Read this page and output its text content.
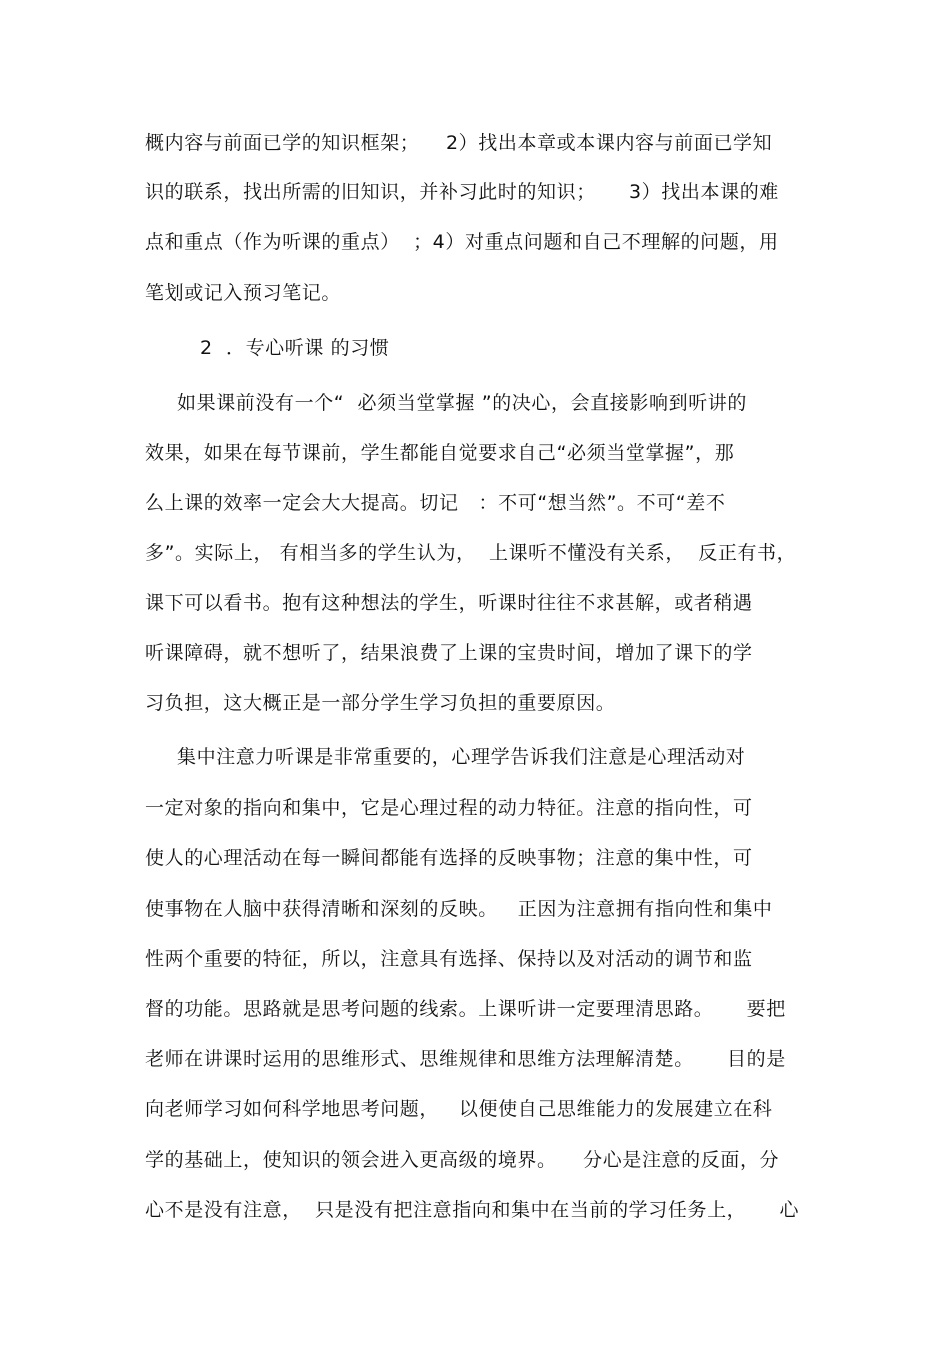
概内容与前面已学的知识框架；    2）找出本章或本课内容与前面已学知
识的联系，找出所需的旧知识，并补习此时的知识；     3）找出本课的难
点和重点（作为听课的重点）  ；4）对重点问题和自己不理解的问题，用
笔划或记入预习笔记。
2  ．专心听课 的习惯
如果课前没有一个“  必须当堂掌握 ”的决心，会直接影响到听讲的
效果，如果在每节课前，学生都能自觉要求自己“必须当堂掌握”，那
么上课的效率一定会大大提高。切记   ：不可“想当然”。不可“差不
多”。实际上， 有相当多的学生认为，  上课听不懂没有关系，  反正有书，
课下可以看书。抱有这种想法的学生，听课时往往不求甚解，或者稍遇
听课障碍，就不想听了，结果浪费了上课的宝贵时间，增加了课下的学
习负担，这大概正是一部分学生学习负担的重要原因。
集中注意力听课是非常重要的，心理学告诉我们注意是心理活动对
一定对象的指向和集中，它是心理过程的动力特征。注意的指向性，可
使人的心理活动在每一瞬间都能有选择的反映事物；注意的集中性，可
使事物在人脑中获得清晰和深刻的反映。   正因为注意拥有指向性和集中
性两个重要的特征，所以，注意具有选择、保持以及对活动的调节和监
督的功能。思路就是思考问题的线索。上课听讲一定要理清思路。     要把
老师在讲课时运用的思维形式、思维规律和思维方法理解清楚。     目的是
向老师学习如何科学地思考问题，   以便使自己思维能力的发展建立在科
学的基础上，使知识的领会进入更高级的境界。    分心是注意的反面，分
心不是没有注意，  只是没有把注意指向和集中在当前的学习任务上，     心
